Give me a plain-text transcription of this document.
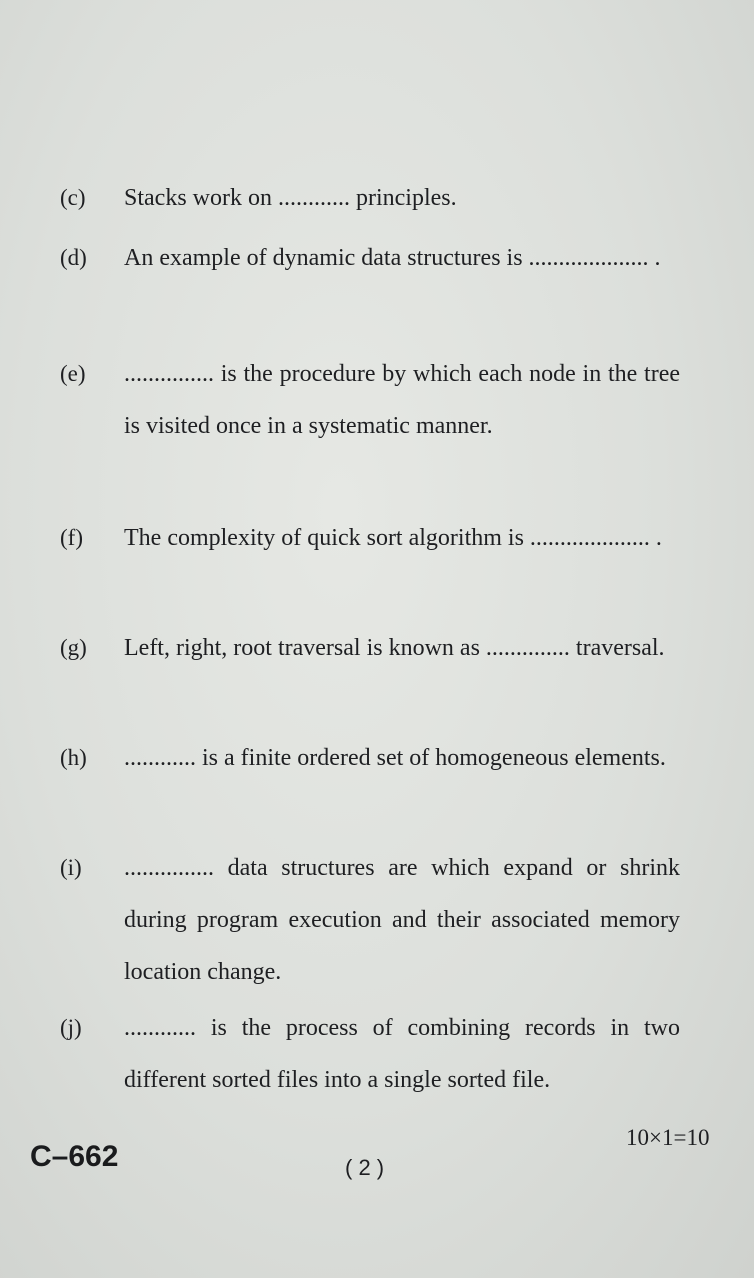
(c) Stacks work on ............ principles.
(d) An example of dynamic data structures is .................... .
(e) ............... is the procedure by which each node in the tree is visited once in a systematic manner.
(f) The complexity of quick sort algorithm is .................... .
(g) Left, right, root traversal is known as .............. traversal.
(h) ............ is a finite ordered set of homogeneous elements.
(i) ............... data structures are which expand or shrink during program execution and their associated memory location change.
(j) ............ is the process of combining records in two different sorted files into a single sorted file.
10×1=10
C–662	( 2 )
